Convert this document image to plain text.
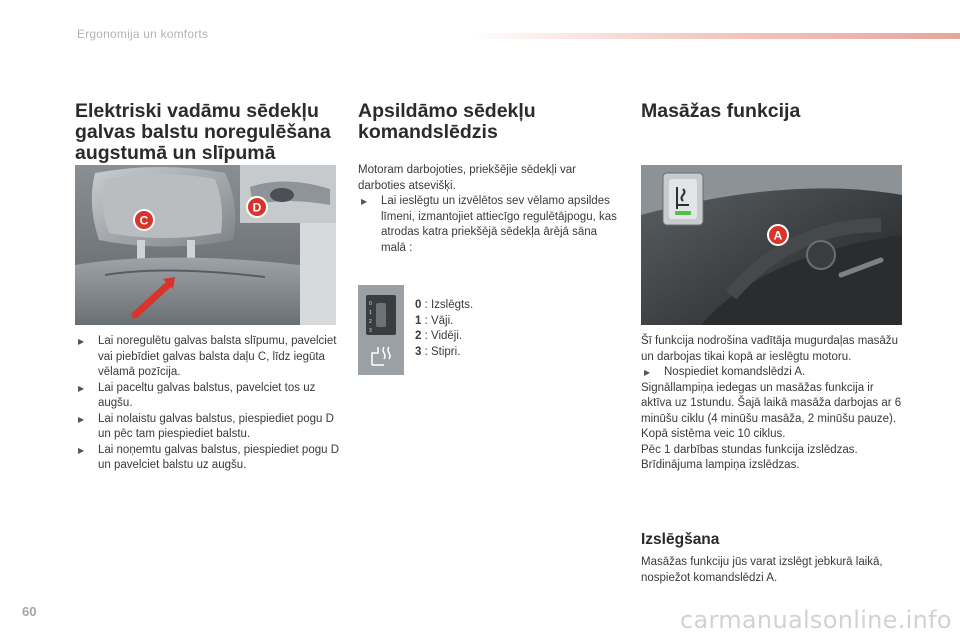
Ergonomija un komforts
Elektriski vadāmu sēdekļu
galvas balstu noregulēšana
augstumā un slīpumā
C
D
▶ Lai noregulētu galvas balsta slīpumu, pavelciet vai piebīdiet galvas balsta daļu C, līdz iegūta vēlamā pozīcija.
▶ Lai paceltu galvas balstus, pavelciet tos uz augšu.
▶ Lai nolaistu galvas balstus, piespiediet pogu D un pēc tam piespiediet balstu.
▶ Lai noņemtu galvas balstus, piespiediet pogu D un pavelciet balstu uz augšu.
Apsildāmo sēdekļu
komandslēdzis

Motoram darbojoties, priekšējie sēdekļi var darboties atsevišķi.

▶ Lai ieslēgtu un izvēlētos sev vēlamo apsildes līmeni, izmantojiet attiecīgo regulētājpogu, kas atrodas katra priekšējā sēdekļa ārējā sāna malā :
0
1
2
3
0 : Izslēgts.
1 : Vāji.
2 : Vidēji.
3 : Stipri.
Masāžas funkcija
A

Šī funkcija nodrošina vadītāja mugurdaļas masāžu un darbojas tikai kopā ar ieslēgtu motoru.

▶ Nospiediet komandslēdzi A.

Signāllampiņa iedegas un masāžas funkcija ir aktīva uz 1stundu. Šajā laikā masāža darbojas ar 6 minūšu ciklu (4 minūšu masāža, 2 minūšu pauze). Kopā sistēma veic 10 ciklus.

Pēc 1 darbības stundas funkcija izslēdzas.

Brīdinājuma lampiņa izslēdzas.

Izslēgšana
Masāžas funkciju jūs varat izslēgt jebkurā laikā, nospiežot komandslēdzi A.
60	carmanualsonline.info
